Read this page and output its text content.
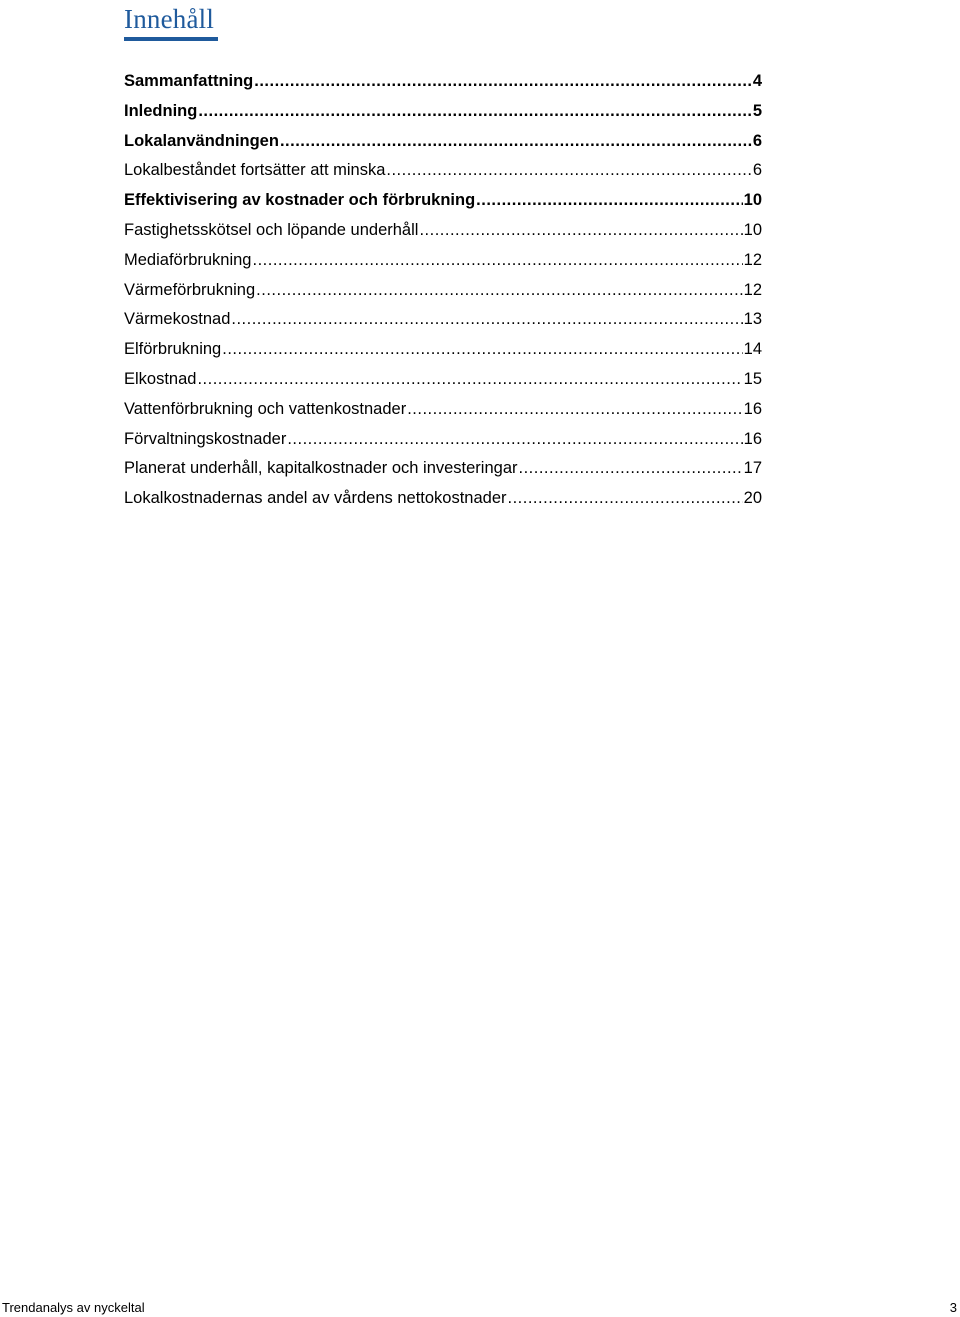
Innehåll
Sammanfattning .....	4
Inledning .....	5
Lokalanvändningen .....	6
Lokalbeståndet fortsätter att minska .....	6
Effektivisering av kostnader och förbrukning .....	10
Fastighetsskötsel och löpande underhåll .....	10
Mediaförbrukning .....	12
Värmeförbrukning .....	12
Värmekostnad .....	13
Elförbrukning .....	14
Elkostnad .....	15
Vattenförbrukning och vattenkostnader .....	16
Förvaltningskostnader .....	16
Planerat underhåll, kapitalkostnader och investeringar .....	17
Lokalkostnadernas andel av vårdens nettokostnader .....	20
Trendanalys av nyckeltal	3
